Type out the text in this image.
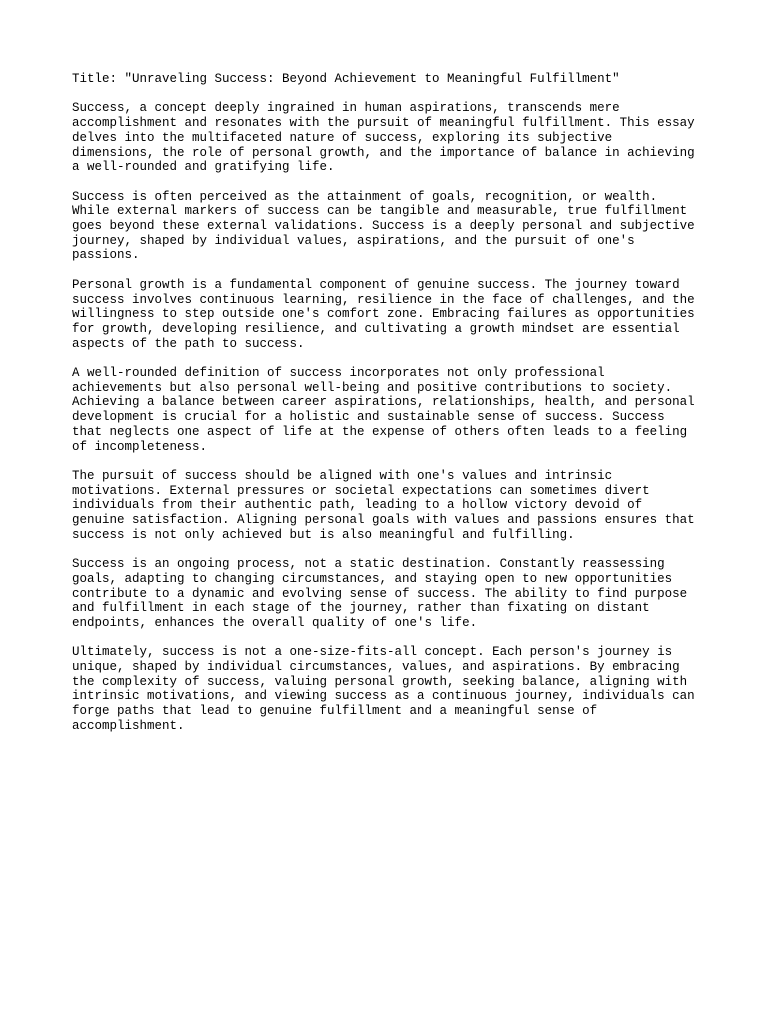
Title: "Unraveling Success: Beyond Achievement to Meaningful Fulfillment"

Success, a concept deeply ingrained in human aspirations, transcends mere
accomplishment and resonates with the pursuit of meaningful fulfillment. This essay
delves into the multifaceted nature of success, exploring its subjective
dimensions, the role of personal growth, and the importance of balance in achieving
a well-rounded and gratifying life.

Success is often perceived as the attainment of goals, recognition, or wealth.
While external markers of success can be tangible and measurable, true fulfillment
goes beyond these external validations. Success is a deeply personal and subjective
journey, shaped by individual values, aspirations, and the pursuit of one's
passions.

Personal growth is a fundamental component of genuine success. The journey toward
success involves continuous learning, resilience in the face of challenges, and the
willingness to step outside one's comfort zone. Embracing failures as opportunities
for growth, developing resilience, and cultivating a growth mindset are essential
aspects of the path to success.

A well-rounded definition of success incorporates not only professional
achievements but also personal well-being and positive contributions to society.
Achieving a balance between career aspirations, relationships, health, and personal
development is crucial for a holistic and sustainable sense of success. Success
that neglects one aspect of life at the expense of others often leads to a feeling
of incompleteness.

The pursuit of success should be aligned with one's values and intrinsic
motivations. External pressures or societal expectations can sometimes divert
individuals from their authentic path, leading to a hollow victory devoid of
genuine satisfaction. Aligning personal goals with values and passions ensures that
success is not only achieved but is also meaningful and fulfilling.

Success is an ongoing process, not a static destination. Constantly reassessing
goals, adapting to changing circumstances, and staying open to new opportunities
contribute to a dynamic and evolving sense of success. The ability to find purpose
and fulfillment in each stage of the journey, rather than fixating on distant
endpoints, enhances the overall quality of one's life.

Ultimately, success is not a one-size-fits-all concept. Each person's journey is
unique, shaped by individual circumstances, values, and aspirations. By embracing
the complexity of success, valuing personal growth, seeking balance, aligning with
intrinsic motivations, and viewing success as a continuous journey, individuals can
forge paths that lead to genuine fulfillment and a meaningful sense of
accomplishment.
